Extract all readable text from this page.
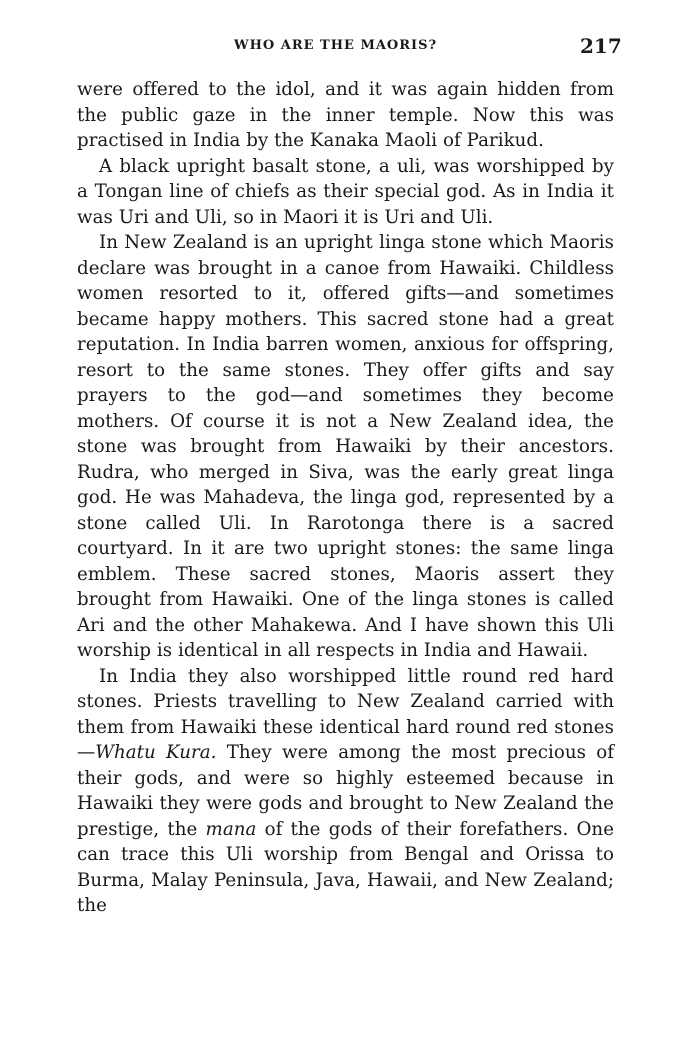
WHO ARE THE MAORIS?	217

were offered to the idol, and it was again hidden from the public gaze in the inner temple. Now this was practised in India by the Kanaka Maoli of Parikud.

A black upright basalt stone, a uli, was worshipped by a Tongan line of chiefs as their special god. As in India it was Uri and Uli, so in Maori it is Uri and Uli.

In New Zealand is an upright linga stone which Maoris declare was brought in a canoe from Hawaiki. Childless women resorted to it, offered gifts—and sometimes became happy mothers. This sacred stone had a great reputation. In India barren women, anxious for offspring, resort to the same stones. They offer gifts and say prayers to the god—and sometimes they become mothers. Of course it is not a New Zealand idea, the stone was brought from Hawaiki by their ancestors. Rudra, who merged in Siva, was the early great linga god. He was Mahadeva, the linga god, represented by a stone called Uli. In Rarotonga there is a sacred courtyard. In it are two upright stones: the same linga emblem. These sacred stones, Maoris assert they brought from Hawaiki. One of the linga stones is called Ari and the other Mahakewa. And I have shown this Uli worship is identical in all respects in India and Hawaii.

In India they also worshipped little round red hard stones. Priests travelling to New Zealand carried with them from Hawaiki these identical hard round red stones—Whatu Kura. They were among the most precious of their gods, and were so highly esteemed because in Hawaiki they were gods and brought to New Zealand the prestige, the mana of the gods of their forefathers. One can trace this Uli worship from Bengal and Orissa to Burma, Malay Peninsula, Java, Hawaii, and New Zealand; the
